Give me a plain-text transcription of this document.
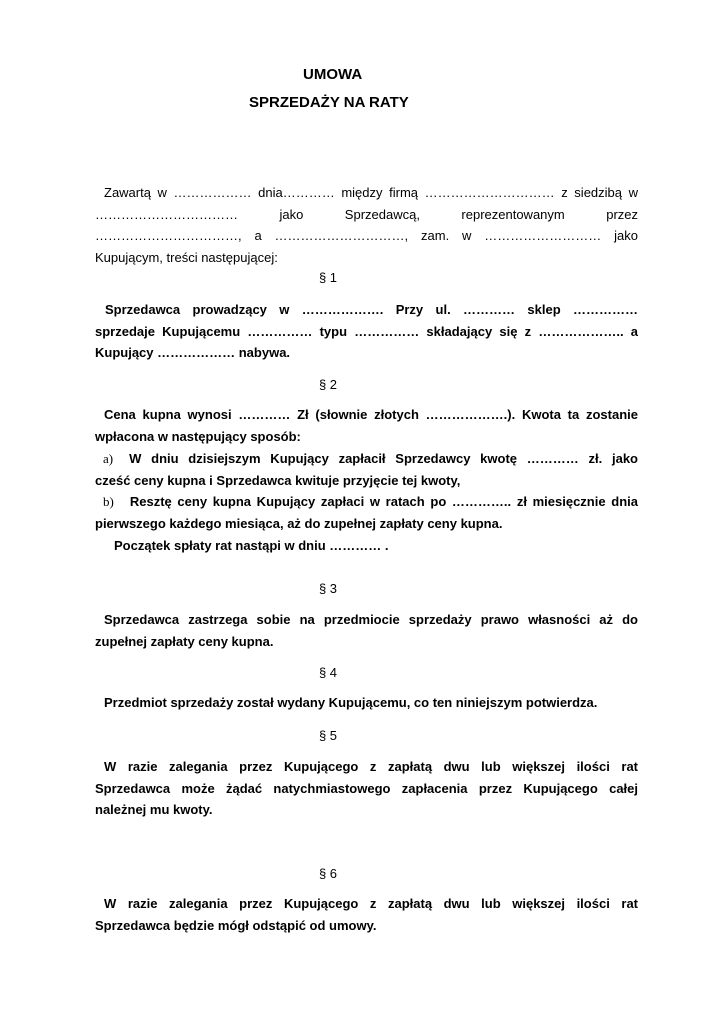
UMOWA
SPRZEDAŻY NA RATY
Zawartą w ……………… dnia………… między firmą ………………………… z siedzibą w
…………………………… jako Sprzedawcą, reprezentowanym przez
……………………………, a …………………………, zam. w ……………………… jako
Kupującym, treści następującej:
§ 1
Sprzedawca prowadzący w ………………. Przy ul. ………… sklep ……………
sprzedaje Kupującemu …………… typu …………… składający się z ……………….. a
Kupujący ……………… nabywa.
§ 2
Cena kupna wynosi ………… Zł (słownie złotych ……………….). Kwota ta zostanie
wpłacona w następujący sposób:
a) W dniu dzisiejszym Kupujący zapłacił Sprzedawcy kwotę ………… zł. jako
cześć ceny kupna i Sprzedawca kwituje przyjęcie tej kwoty,
b) Resztę ceny kupna Kupujący zapłaci w ratach po ………….. zł miesięcznie dnia
pierwszego każdego miesiąca, aż do zupełnej zapłaty ceny kupna.
Początek spłaty rat nastąpi w dniu ………… .
§ 3
Sprzedawca zastrzega sobie na przedmiocie sprzedaży prawo własności aż do
zupełnej zapłaty ceny kupna.
§ 4
Przedmiot sprzedaży został wydany Kupującemu, co ten niniejszym potwierdza.
§ 5
W razie zalegania przez Kupującego z zapłatą dwu lub większej ilości rat
Sprzedawca może żądać natychmiastowego zapłacenia przez Kupującego całej
należnej mu kwoty.
§ 6
W razie zalegania przez Kupującego z zapłatą dwu lub większej ilości rat
Sprzedawca będzie mógł odstąpić od umowy.
